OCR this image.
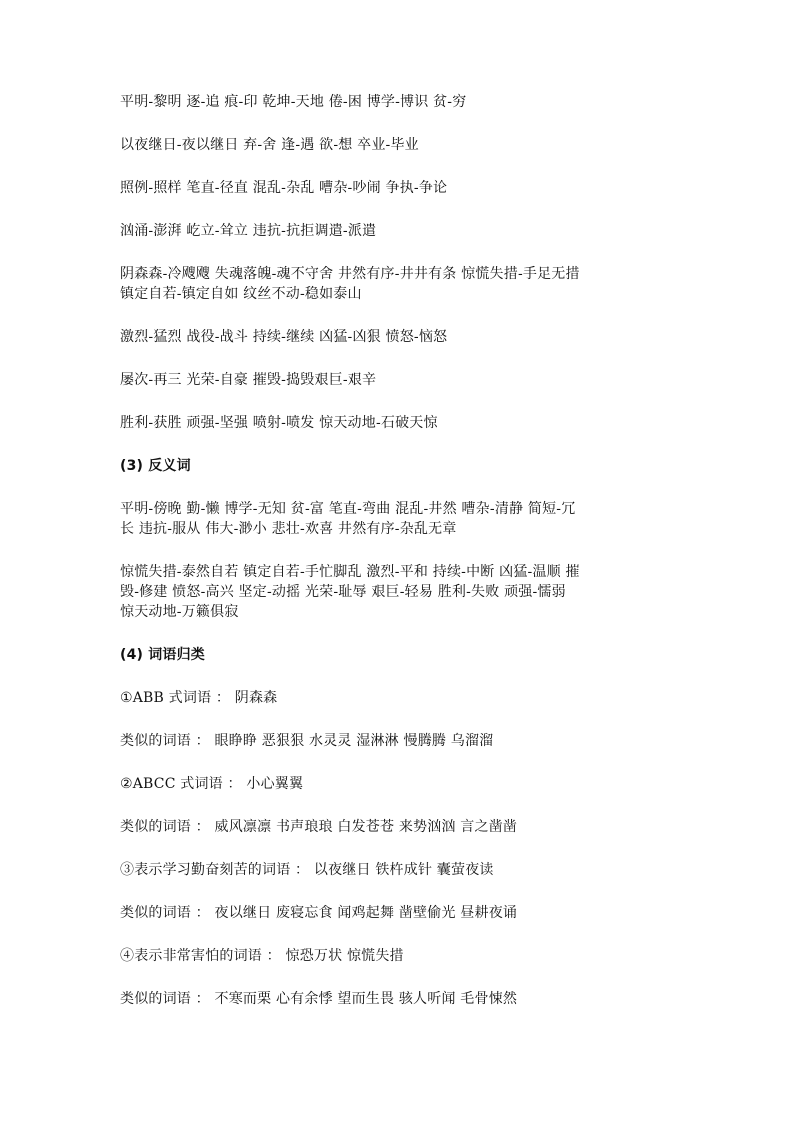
平明-黎明 逐-追 痕-印 乾坤-天地 倦-困 博学-博识 贫-穷

以夜继日-夜以继日 弃-舍 逢-遇 欲-想 卒业-毕业

照例-照样 笔直-径直 混乱-杂乱 嘈杂-吵闹 争执-争论

汹涌-澎湃 屹立-耸立 违抗-抗拒调遣-派遣

阴森森-冷飕飕 失魂落魄-魂不守舍 井然有序-井井有条 惊慌失措-手足无措
镇定自若-镇定自如 纹丝不动-稳如泰山

激烈-猛烈 战役-战斗 持续-继续 凶猛-凶狠 愤怒-恼怒

屡次-再三 光荣-自豪 摧毁-捣毁艰巨-艰辛

胜利-获胜 顽强-坚强 喷射-喷发 惊天动地-石破天惊

(3) 反义词

平明-傍晚 勤-懒 博学-无知 贫-富 笔直-弯曲 混乱-井然 嘈杂-清静 简短-冗
长 违抗-服从 伟大-渺小 悲壮-欢喜 井然有序-杂乱无章

惊慌失措-泰然自若 镇定自若-手忙脚乱 激烈-平和 持续-中断 凶猛-温顺 摧
毁-修建 愤怒-高兴 坚定-动摇 光荣-耻辱 艰巨-轻易 胜利-失败 顽强-懦弱
惊天动地-万籁俱寂

(4) 词语归类

①ABB 式词语 ： 阴森森

类似的词语 ： 眼睁睁 恶狠狠 水灵灵 湿淋淋 慢腾腾 乌溜溜

②ABCC 式词语 ： 小心翼翼

类似的词语 ： 威风凛凛 书声琅琅 白发苍苍 来势汹汹 言之凿凿

③表示学习勤奋刻苦的词语 ： 以夜继日 铁杵成针 囊萤夜读

类似的词语 ： 夜以继日 废寝忘食 闻鸡起舞 凿壁偷光 昼耕夜诵

④表示非常害怕的词语 ： 惊恐万状 惊慌失措

类似的词语 ： 不寒而栗 心有余悸 望而生畏 骇人听闻 毛骨悚然
